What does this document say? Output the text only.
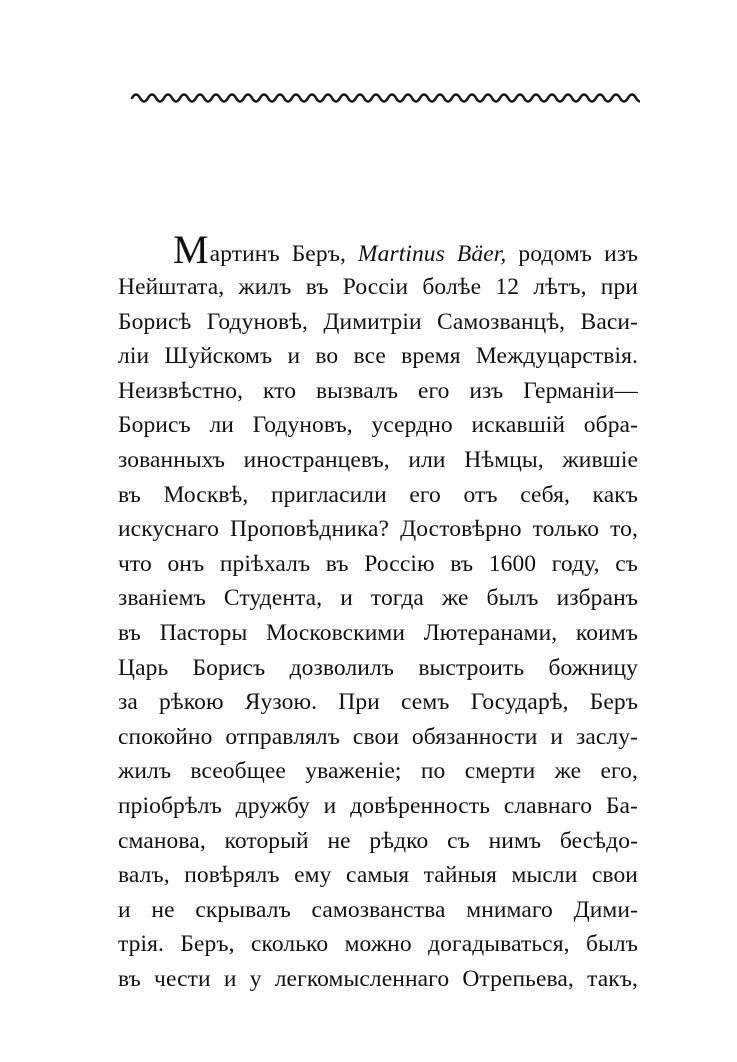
Мартинъ Беръ, Martinus Bäer, родомъ изъ
Нейштата, жилъ въ Россіи болѣе 12 лѣтъ, при
Борисѣ Годуновѣ, Димитріи Самозванцѣ, Васи-
ліи Шуйскомъ и во все время Междуцарствія.
Неизвѣстно, кто вызвалъ его изъ Германіи—
Борисъ ли Годуновъ, усердно искавшій обра-
зованныхъ иностранцевъ, или Нѣмцы, жившіе
въ Москвѣ, пригласили его отъ себя, какъ
искуснаго Проповѣдника? Достовѣрно только то,
что онъ пріѣхалъ въ Россію въ 1600 году, съ
званіемъ Студента, и тогда же былъ избранъ
въ Пасторы Московскими Лютеранами, коимъ
Царь Борисъ дозволилъ выстроить божницу
за рѣкою Яузою. При семъ Государѣ, Беръ
спокойно отправлялъ свои обязанности и заслу-
жилъ всеобщее уваженіе; по смерти же его,
пріобрѣлъ дружбу и довѣренность славнаго Ба-
сманова, который не рѣдко съ нимъ бесѣдо-
валъ, повѣрялъ ему самыя тайныя мысли свои
и не скрывалъ самозванства мнимаго Дими-
трія. Беръ, сколько можно догадываться, былъ
въ чести и у легкомысленнаго Отрепьева, такъ,
